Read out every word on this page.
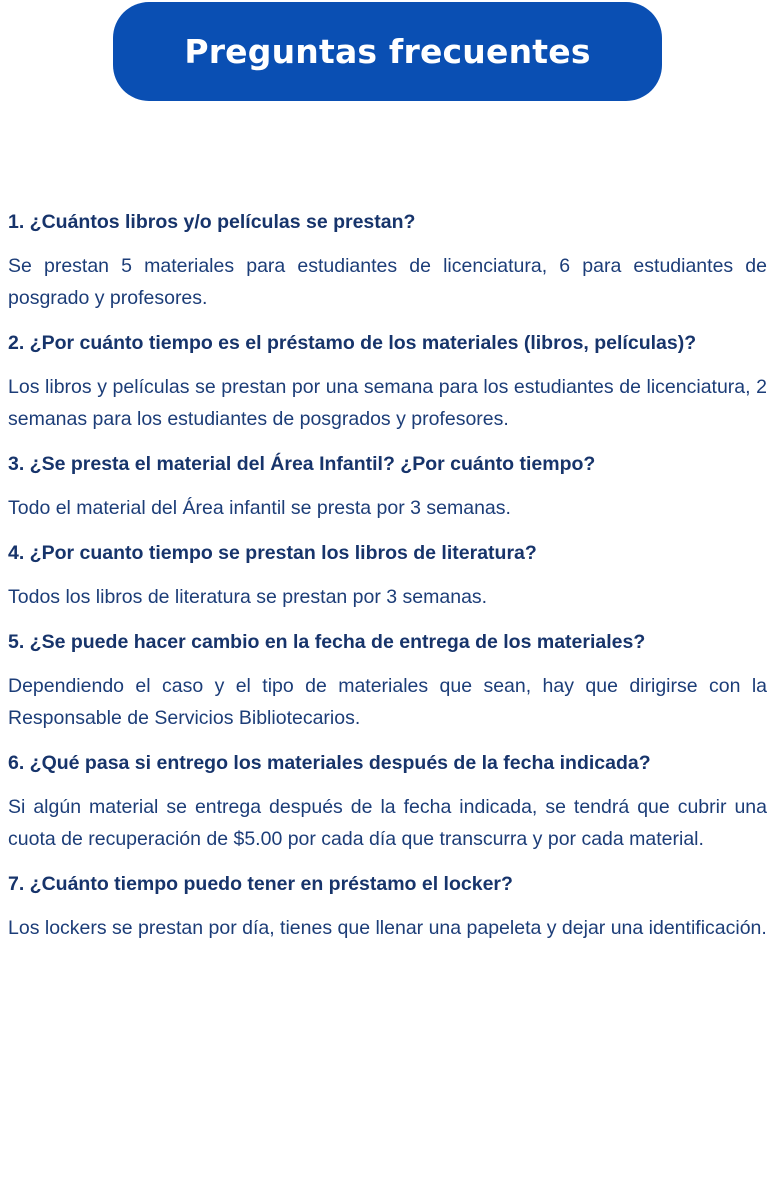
Preguntas frecuentes

1. ¿Cuántos libros y/o películas se prestan?

Se prestan 5 materiales para estudiantes de licenciatura, 6 para estudiantes de posgrado y profesores.

2. ¿Por cuánto tiempo es el préstamo de los materiales (libros, películas)?

Los libros y películas se prestan por una semana para los estudiantes de licenciatura, 2 semanas para los estudiantes de posgrados y profesores.

3. ¿Se presta el material del Área Infantil? ¿Por cuánto tiempo?

Todo el material del Área infantil se presta por 3 semanas.

4. ¿Por cuanto tiempo se prestan los libros de literatura?

Todos los libros de literatura se prestan por 3 semanas.

5. ¿Se puede hacer cambio en la fecha de entrega de los materiales?

Dependiendo el caso y el tipo de materiales que sean, hay que dirigirse con la Responsable de Servicios Bibliotecarios.

6. ¿Qué pasa si entrego los materiales después de la fecha indicada?

Si algún material se entrega después de la fecha indicada, se tendrá que cubrir una cuota de recuperación de $5.00 por cada día que transcurra y por cada material.

7. ¿Cuánto tiempo puedo tener en préstamo el locker?

Los lockers se prestan por día, tienes que llenar una papeleta y dejar una identificación.
